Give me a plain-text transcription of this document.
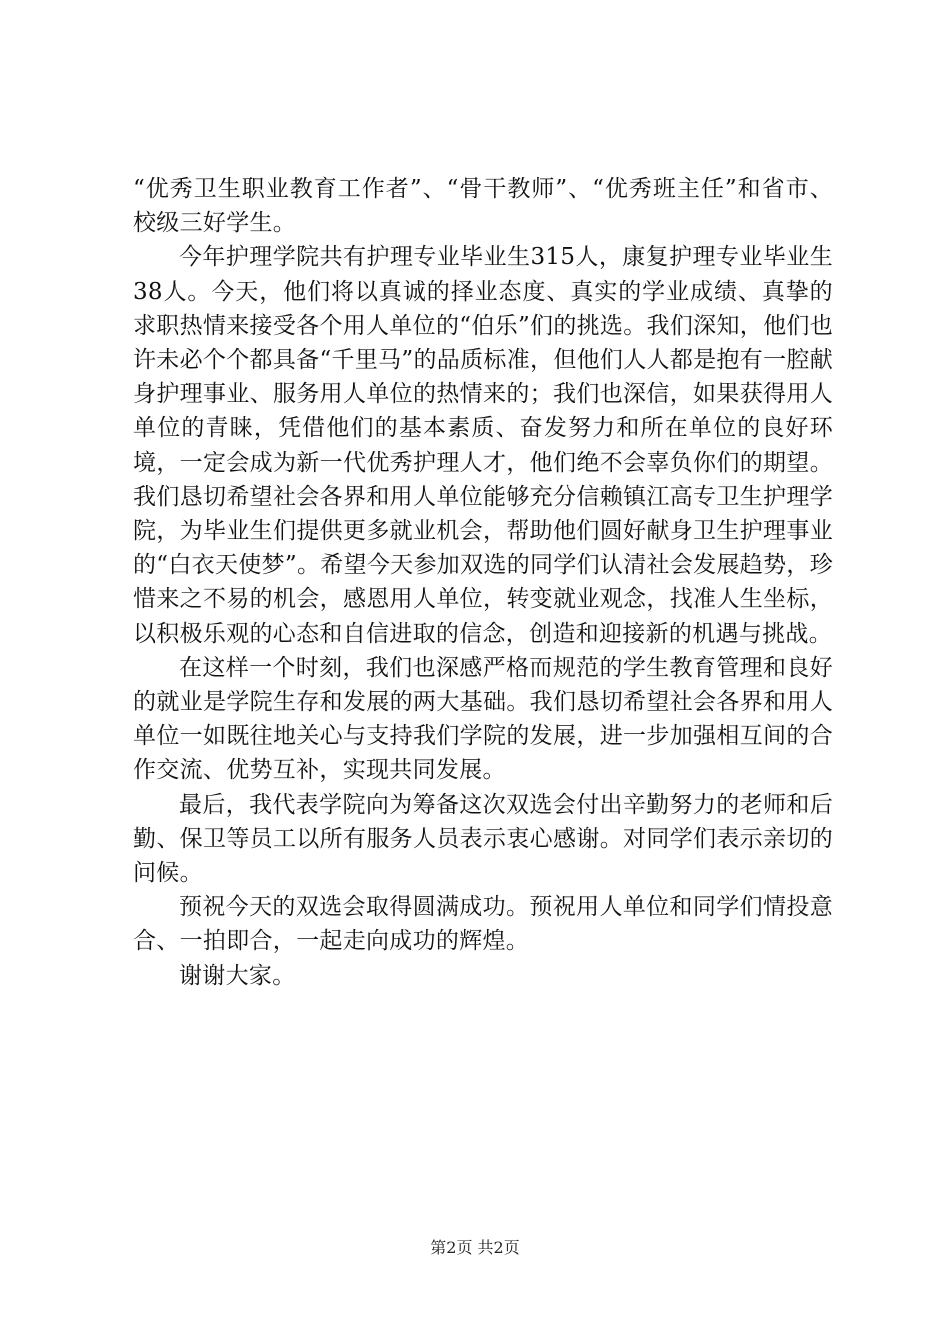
“优秀卫生职业教育工作者”、“骨干教师”、“优秀班主任”和省市、校级三好学生。

今年护理学院共有护理专业毕业生315人，康复护理专业毕业生38人。今天，他们将以真诚的择业态度、真实的学业成绩、真挚的求职热情来接受各个用人单位的“伯乐”们的挑选。我们深知，他们也许未必个个都具备“千里马”的品质标准，但他们人人都是抱有一腔献身护理事业、服务用人单位的热情来的；我们也深信，如果获得用人单位的青睐，凭借他们的基本素质、奋发努力和所在单位的良好环境，一定会成为新一代优秀护理人才，他们绝不会辜负你们的期望。我们恳切希望社会各界和用人单位能够充分信赖镇江高专卫生护理学院，为毕业生们提供更多就业机会，帮助他们圆好献身卫生护理事业的“白衣天使梦”。希望今天参加双选的同学们认清社会发展趋势，珍惜来之不易的机会，感恩用人单位，转变就业观念，找准人生坐标，以积极乐观的心态和自信进取的信念，创造和迎接新的机遇与挑战。

在这样一个时刻，我们也深感严格而规范的学生教育管理和良好的就业是学院生存和发展的两大基础。我们恳切希望社会各界和用人单位一如既往地关心与支持我们学院的发展，进一步加强相互间的合作交流、优势互补，实现共同发展。

最后，我代表学院向为筹备这次双选会付出辛勤努力的老师和后勤、保卫等员工以所有服务人员表示衷心感谢。对同学们表示亲切的问候。

预祝今天的双选会取得圆满成功。预祝用人单位和同学们情投意合、一拍即合，一起走向成功的辉煌。

谢谢大家。

第2页 共2页
